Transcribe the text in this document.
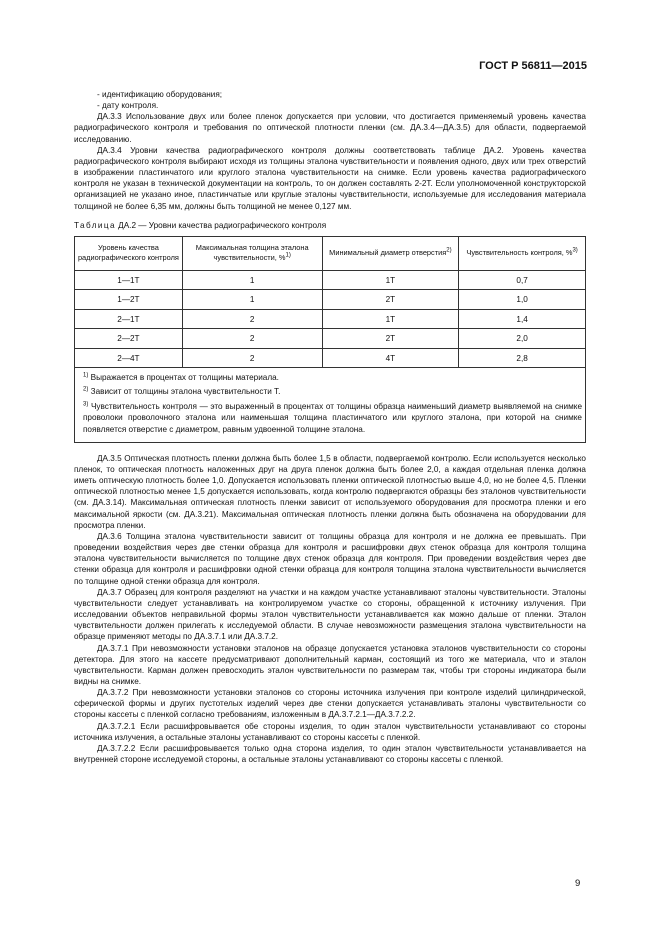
ГОСТ Р 56811—2015

- идентификацию оборудования;

- дату контроля.

ДА.3.3 Использование двух или более пленок допускается при условии, что достигается применяемый уровень качества радиографического контроля и требования по оптической плотности пленки (см. ДА.3.4—ДА.3.5) для области, подвергаемой исследованию.

ДА.3.4 Уровни качества радиографического контроля должны соответствовать таблице ДА.2. Уровень качества радиографического контроля выбирают исходя из толщины эталона чувствительности и появления одного, двух или трех отверстий в изображении пластинчатого или круглого эталона чувствительности на снимке. Если уровень качества радиографического контроля не указан в технической документации на контроль, то он должен составлять 2-2Т. Если уполномоченной конструкторской организацией не указано иное, пластинчатые или круглые эталоны чувствительности, используемые для исследования материала толщиной не более 6,35 мм, должны быть толщиной не менее 0,127 мм.

Таблица ДА.2 — Уровни качества радиографического контроля

Уровень качества радиографического контроля	Максимальная толщина эталона чувствительности, %$^{1)}$	Минимальный диаметр отверстия$^{2)}$	Чувствительность контроля, %$^{3)}$
1—1Т	1	1Т	0,7
1—2Т	1	2Т	1,0
2—1Т	2	1Т	1,4
2—2Т	2	2Т	2,0
2—4Т	2	4Т	2,8

$^{1)}$ Выражается в процентах от толщины материала.
$^{2)}$ Зависит от толщины эталона чувствительности Т.
$^{3)}$ Чувствительность контроля — это выраженный в процентах от толщины образца наименьший диаметр выявляемой на снимке проволоки проволочного эталона или наименьшая толщина пластинчатого или круглого эталона, при которой на снимке появляется отверстие с диаметром, равным удвоенной толщине эталона.			

ДА.3.5 Оптическая плотность пленки должна быть более 1,5 в области, подвергаемой контролю. Если используется несколько пленок, то оптическая плотность наложенных друг на друга пленок должна быть более 2,0, а каждая отдельная пленка должна иметь оптическую плотность более 1,0. Допускается использовать пленки оптической плотностью выше 4,0, но не более 4,5. Пленки оптической плотностью менее 1,5 допускается использовать, когда контролю подвергаются образцы без эталонов чувствительности (см. ДА.3.14). Максимальная оптическая плотность пленки зависит от используемого оборудования для просмотра пленки и его максимальной яркости (см. ДА.3.21). Максимальная оптическая плотность пленки должна быть обозначена на оборудовании для просмотра пленки.

ДА.3.6 Толщина эталона чувствительности зависит от толщины образца для контроля и не должна ее превышать. При проведении воздействия через две стенки образца для контроля и расшифровки двух стенок образца для контроля толщина эталона чувствительности вычисляется по толщине двух стенок образца для контроля. При проведении воздействия через две стенки образца для контроля и расшифровки одной стенки образца для контроля толщина эталона чувствительности вычисляется по толщине одной стенки образца для контроля.

ДА.3.7 Образец для контроля разделяют на участки и на каждом участке устанавливают эталоны чувствительности. Эталоны чувствительности следует устанавливать на контролируемом участке со стороны, обращенной к источнику излучения. При исследовании объектов неправильной формы эталон чувствительности устанавливается как можно дальше от пленки. Эталон чувствительности должен прилегать к исследуемой области. В случае невозможности размещения эталона чувствительности на образце применяют методы по ДА.3.7.1 или ДА.3.7.2.

ДА.3.7.1 При невозможности установки эталонов на образце допускается установка эталонов чувствительности со стороны детектора. Для этого на кассете предусматривают дополнительный карман, состоящий из того же материала, что и эталон чувствительности. Карман должен превосходить эталон чувствительности по размерам так, чтобы три стороны индикатора были видны на снимке.

ДА.3.7.2 При невозможности установки эталонов со стороны источника излучения при контроле изделий цилиндрической, сферической формы и других пустотелых изделий через две стенки допускается устанавливать эталоны чувствительности со стороны кассеты с пленкой согласно требованиям, изложенным в ДА.3.7.2.1—ДА.3.7.2.2.

ДА.3.7.2.1 Если расшифровывается обе стороны изделия, то один эталон чувствительности устанавливают со стороны источника излучения, а остальные эталоны устанавливают со стороны кассеты с пленкой.

ДА.3.7.2.2 Если расшифровывается только одна сторона изделия, то один эталон чувствительности устанавливается на внутренней стороне исследуемой стороны, а остальные эталоны устанавливают со стороны кассеты с пленкой.

9
